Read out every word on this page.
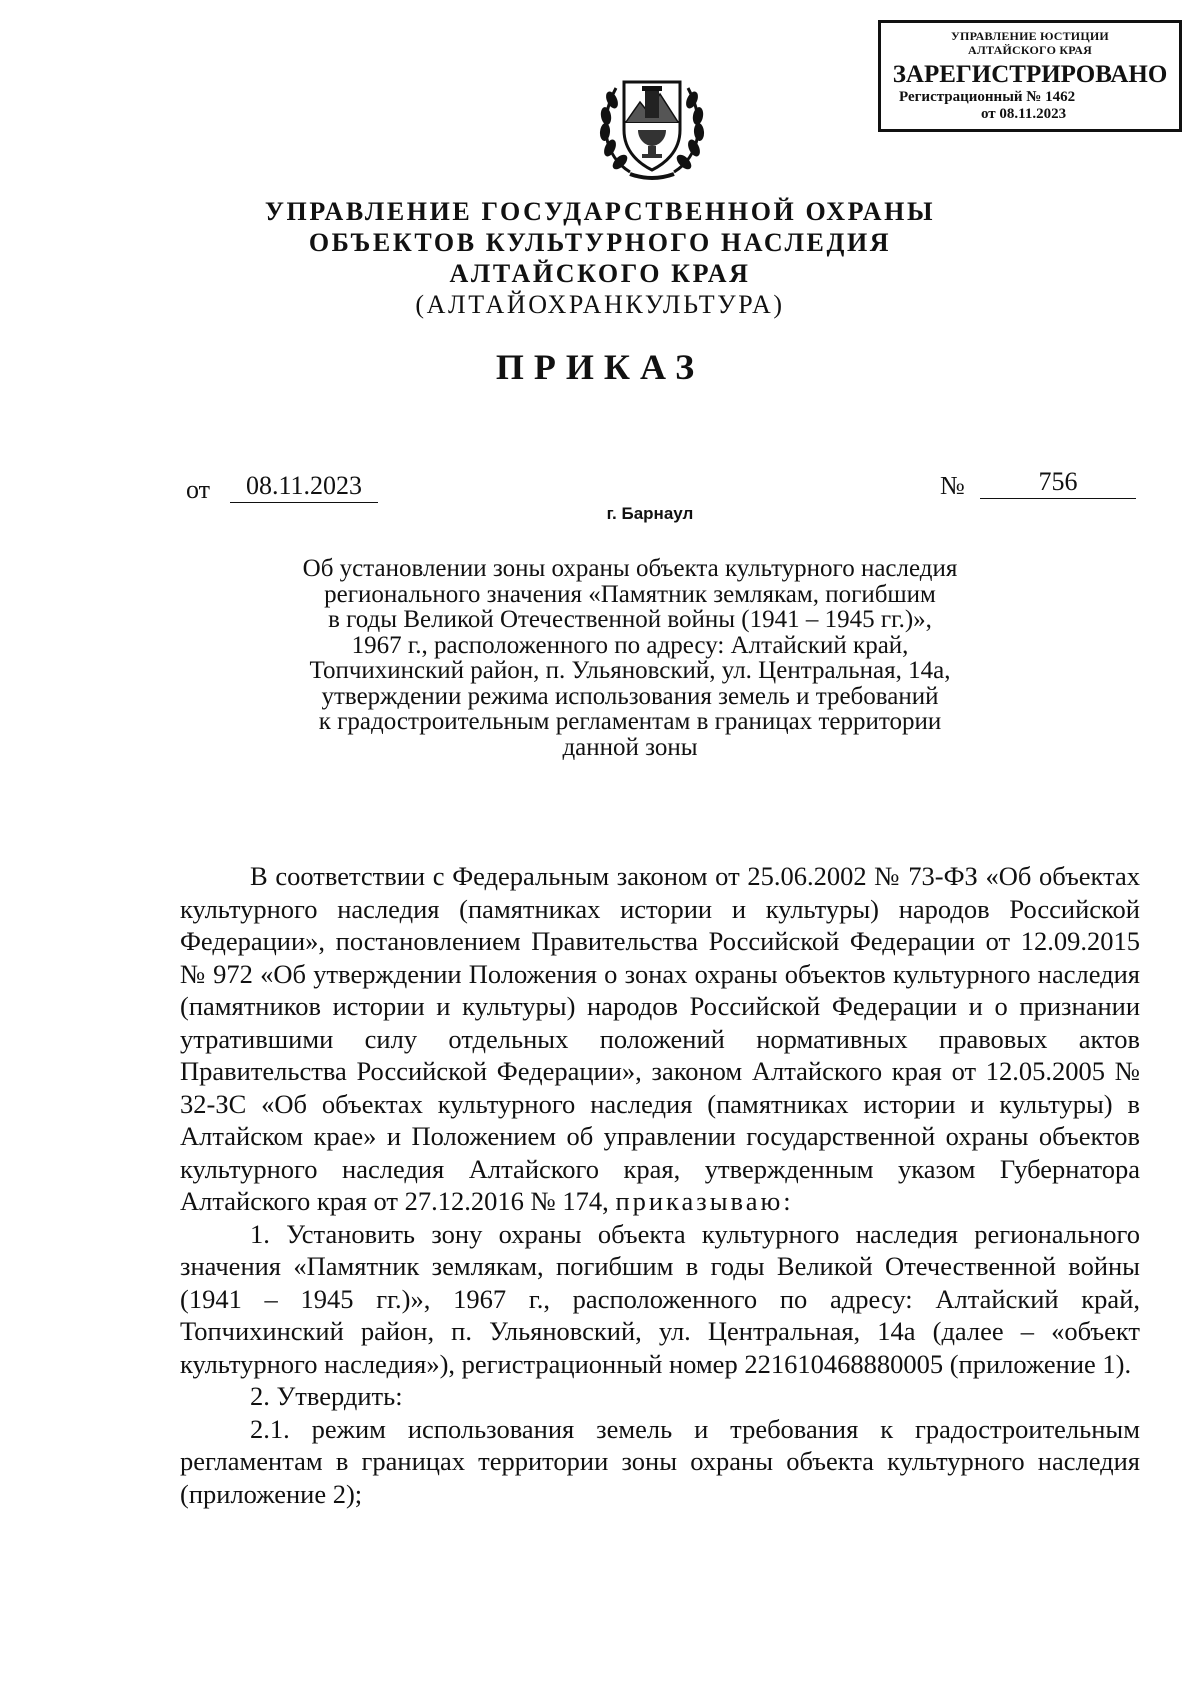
УПРАВЛЕНИЕ ЮСТИЦИИ
АЛТАЙСКОГО КРАЯ
ЗАРЕГИСТРИРОВАНО
Регистрационный № 1462
от 08.11.2023
УПРАВЛЕНИЕ ГОСУДАРСТВЕННОЙ ОХРАНЫ
ОБЪЕКТОВ КУЛЬТУРНОГО НАСЛЕДИЯ
АЛТАЙСКОГО КРАЯ
(АЛТАЙОХРАНКУЛЬТУРА)
ПРИКАЗ
от	08.11.2023	№	756
г. Барнаул
Об установлении зоны охраны объекта культурного наследия
регионального значения «Памятник землякам, погибшим
в годы Великой Отечественной войны (1941 – 1945 гг.)»,
1967 г., расположенного по адресу: Алтайский край,
Топчихинский район, п. Ульяновский, ул. Центральная, 14а,
утверждении режима использования земель и требований
к градостроительным регламентам в границах территории
данной зоны

В соответствии с Федеральным законом от 25.06.2002 № 73-ФЗ «Об объектах культурного наследия (памятниках истории и культуры) народов Российской Федерации», постановлением Правительства Российской Федерации от 12.09.2015 № 972 «Об утверждении Положения о зонах охраны объектов культурного наследия (памятников истории и культуры) народов Российской Федерации и о признании утратившими силу отдельных положений нормативных правовых актов Правительства Российской Федерации», законом Алтайского края от 12.05.2005 № 32-ЗС «Об объектах культурного наследия (памятниках истории и культуры) в Алтайском крае» и Положением об управлении государственной охраны объектов культурного наследия Алтайского края, утвержденным указом Губернатора Алтайского края от 27.12.2016 № 174, приказываю:

1. Установить зону охраны объекта культурного наследия регионального значения «Памятник землякам, погибшим в годы Великой Отечественной войны (1941 – 1945 гг.)», 1967 г., расположенного по адресу: Алтайский край, Топчихинский район, п. Ульяновский, ул. Центральная, 14а (далее – «объект культурного наследия»), регистрационный номер 221610468880005 (приложение 1).

2. Утвердить:

2.1. режим использования земель и требования к градостроительным регламентам в границах территории зоны охраны объекта культурного наследия (приложение 2);
